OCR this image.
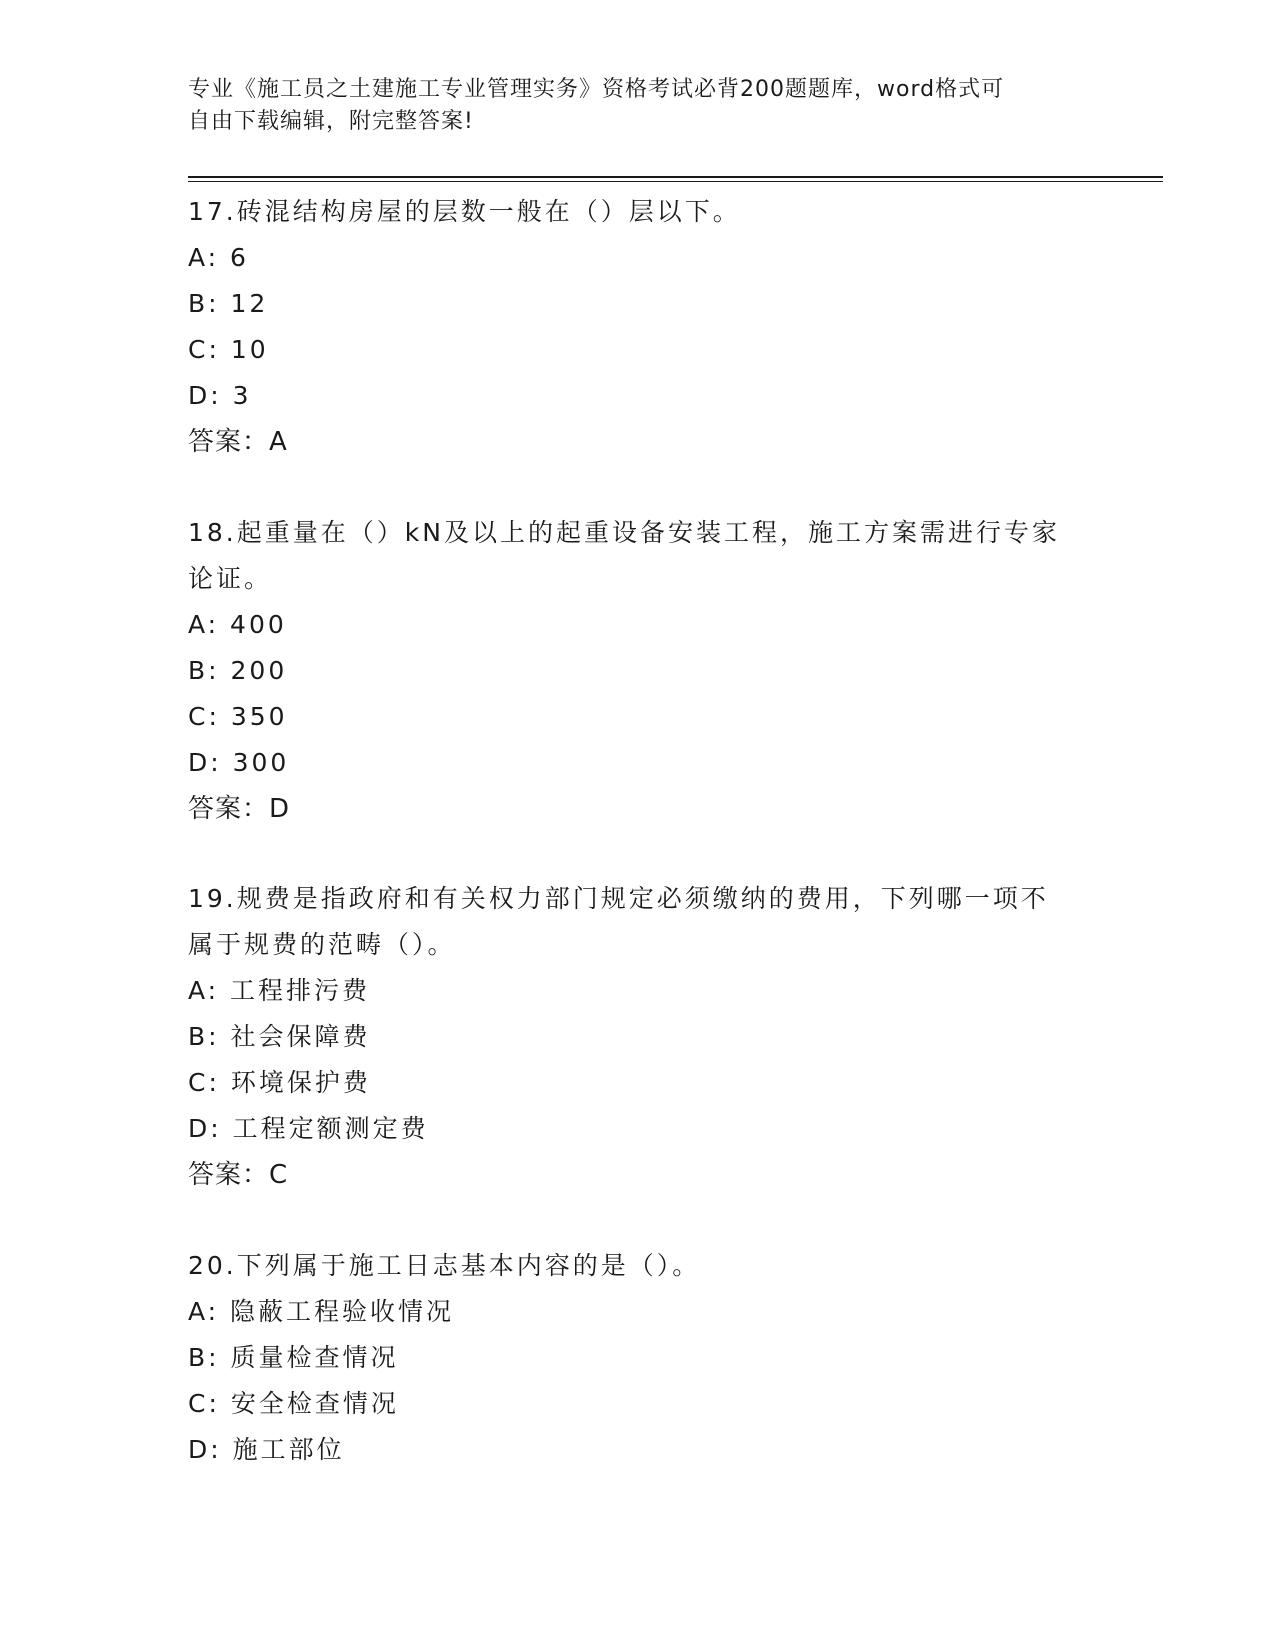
专业《施工员之土建施工专业管理实务》资格考试必背200题题库，word格式可
自由下载编辑，附完整答案!
17.砖混结构房屋的层数一般在（）层以下。
A: 6
B: 12
C: 10
D: 3
答案：A
18.起重量在（）kN及以上的起重设备安装工程，施工方案需进行专家
论证。
A: 400
B: 200
C: 350
D: 300
答案：D
19.规费是指政府和有关权力部门规定必须缴纳的费用，下列哪一项不
属于规费的范畴（）。
A: 工程排污费
B: 社会保障费
C: 环境保护费
D: 工程定额测定费
答案：C
20.下列属于施工日志基本内容的是（）。
A: 隐蔽工程验收情况
B: 质量检查情况
C: 安全检查情况
D: 施工部位
